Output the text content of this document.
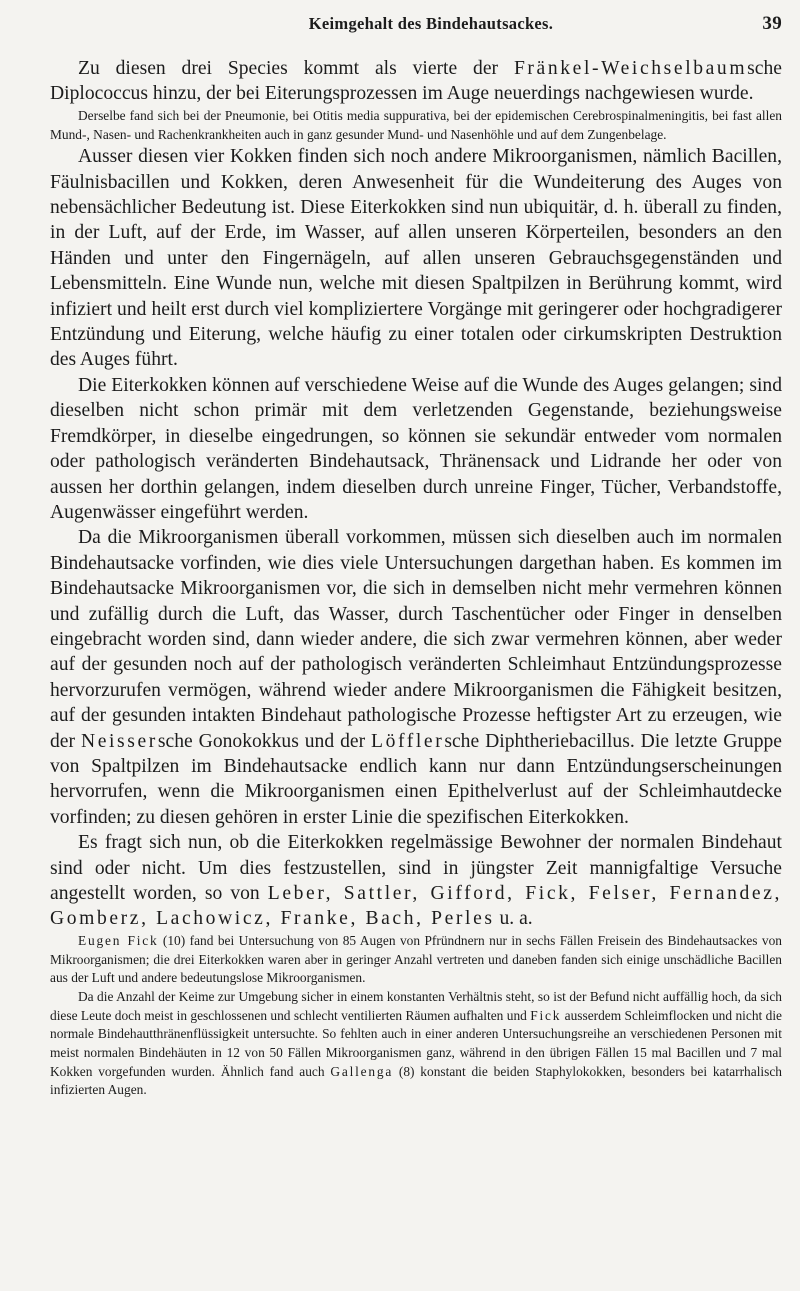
Keimgehalt des Bindehautsackes.	39

Zu diesen drei Species kommt als vierte der Fränkel-Weichselbaumsche Diplococcus hinzu, der bei Eiterungsprozessen im Auge neuerdings nachgewiesen wurde.

Derselbe fand sich bei der Pneumonie, bei Otitis media suppurativa, bei der epidemischen Cerebrospinalmeningitis, bei fast allen Mund-, Nasen- und Rachenkrankheiten auch in ganz gesunder Mund- und Nasenhöhle und auf dem Zungenbelage.

Ausser diesen vier Kokken finden sich noch andere Mikroorganismen, nämlich Bacillen, Fäulnisbacillen und Kokken, deren Anwesenheit für die Wundeiterung des Auges von nebensächlicher Bedeutung ist. Diese Eiterkokken sind nun ubiquitär, d. h. überall zu finden, in der Luft, auf der Erde, im Wasser, auf allen unseren Körperteilen, besonders an den Händen und unter den Fingernägeln, auf allen unseren Gebrauchsgegenständen und Lebensmitteln. Eine Wunde nun, welche mit diesen Spaltpilzen in Berührung kommt, wird infiziert und heilt erst durch viel kompliziertere Vorgänge mit geringerer oder hochgradigerer Entzündung und Eiterung, welche häufig zu einer totalen oder cirkumskripten Destruktion des Auges führt.

Die Eiterkokken können auf verschiedene Weise auf die Wunde des Auges gelangen; sind dieselben nicht schon primär mit dem verletzenden Gegenstande, beziehungsweise Fremdkörper, in dieselbe eingedrungen, so können sie sekundär entweder vom normalen oder pathologisch veränderten Bindehautsack, Thränensack und Lidrande her oder von aussen her dorthin gelangen, indem dieselben durch unreine Finger, Tücher, Verbandstoffe, Augenwässer eingeführt werden.

Da die Mikroorganismen überall vorkommen, müssen sich dieselben auch im normalen Bindehautsacke vorfinden, wie dies viele Untersuchungen dargethan haben. Es kommen im Bindehautsacke Mikroorganismen vor, die sich in demselben nicht mehr vermehren können und zufällig durch die Luft, das Wasser, durch Taschentücher oder Finger in denselben eingebracht worden sind, dann wieder andere, die sich zwar vermehren können, aber weder auf der gesunden noch auf der pathologisch veränderten Schleimhaut Entzündungsprozesse hervorzurufen vermögen, während wieder andere Mikroorganismen die Fähigkeit besitzen, auf der gesunden intakten Bindehaut pathologische Prozesse heftigster Art zu erzeugen, wie der Neissersche Gonokokkus und der Löfflersche Diphtheriebacillus. Die letzte Gruppe von Spaltpilzen im Bindehautsacke endlich kann nur dann Entzündungserscheinungen hervorrufen, wenn die Mikroorganismen einen Epithelverlust auf der Schleimhautdecke vorfinden; zu diesen gehören in erster Linie die spezifischen Eiterkokken.

Es fragt sich nun, ob die Eiterkokken regelmässige Bewohner der normalen Bindehaut sind oder nicht. Um dies festzustellen, sind in jüngster Zeit mannigfaltige Versuche angestellt worden, so von Leber, Sattler, Gifford, Fick, Felser, Fernandez, Gomberz, Lachowicz, Franke, Bach, Perles u. a.

Eugen Fick (10) fand bei Untersuchung von 85 Augen von Pfründnern nur in sechs Fällen Freisein des Bindehautsackes von Mikroorganismen; die drei Eiterkokken waren aber in geringer Anzahl vertreten und daneben fanden sich einige unschädliche Bacillen aus der Luft und andere bedeutungslose Mikroorganismen.

Da die Anzahl der Keime zur Umgebung sicher in einem konstanten Verhältnis steht, so ist der Befund nicht auffällig hoch, da sich diese Leute doch meist in geschlossenen und schlecht ventilierten Räumen aufhalten und Fick ausserdem Schleimflocken und nicht die normale Bindehautthränenflüssigkeit untersuchte. So fehlten auch in einer anderen Untersuchungsreihe an verschiedenen Personen mit meist normalen Bindehäuten in 12 von 50 Fällen Mikroorganismen ganz, während in den übrigen Fällen 15 mal Bacillen und 7 mal Kokken vorgefunden wurden. Ähnlich fand auch Gallenga (8) konstant die beiden Staphylokokken, besonders bei katarrhalisch infizierten Augen.
